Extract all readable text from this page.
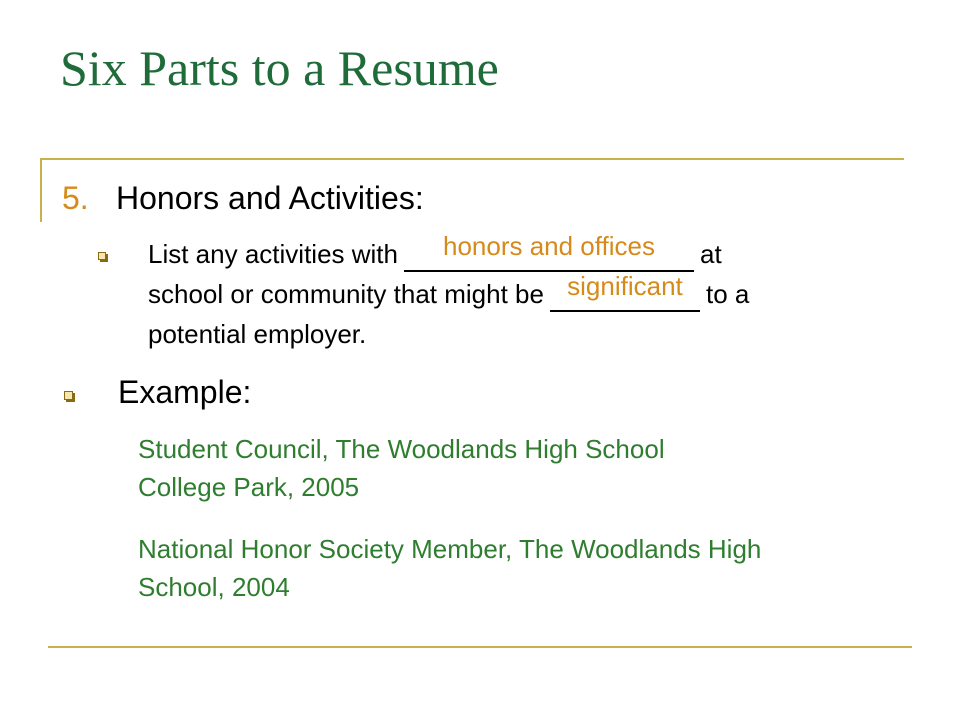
Six Parts to a Resume
5. Honors and Activities:
List any activities with honors and offices at
school or community that might be significant to a
potential employer.
Example:
Student Council, The Woodlands High School
College Park, 2005
National Honor Society Member, The Woodlands High
School, 2004
